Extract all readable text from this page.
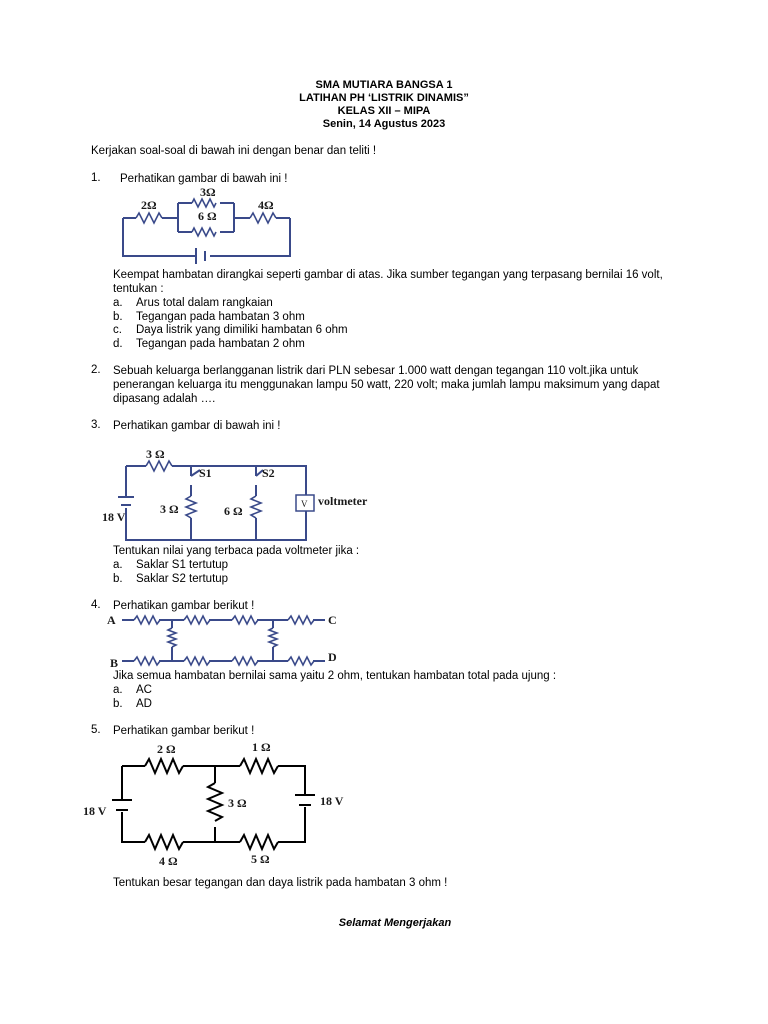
SMA MUTIARA BANGSA 1
LATIHAN PH ‘LISTRIK DINAMIS”
KELAS XII – MIPA
Senin, 14 Agustus 2023
Kerjakan soal-soal di bawah ini dengan benar dan teliti !
1. Perhatikan gambar di bawah ini !
2Ω
3Ω
6 Ω
4Ω
Keempat hambatan dirangkai seperti gambar di atas. Jika sumber tegangan yang terpasang bernilai 16 volt,
tentukan :
a. Arus total dalam rangkaian
b. Tegangan pada hambatan 3 ohm
c. Daya listrik yang dimiliki hambatan 6 ohm
d. Tegangan pada hambatan 2 ohm
2. Sebuah keluarga berlangganan listrik dari PLN sebesar 1.000 watt dengan tegangan 110 volt.jika untuk
penerangan keluarga itu menggunakan lampu 50 watt, 220 volt; maka jumlah lampu maksimum yang dapat
dipasang adalah ….
3. Perhatikan gambar di bawah ini !
V
3 Ω
S1	S2
3 Ω	6 Ω
18 V
voltmeter
Tentukan nilai yang terbaca pada voltmeter jika :
a. Saklar S1 tertutup
b. Saklar S2 tertutup
4. Perhatikan gambar berikut !
A
B
C
D
Jika semua hambatan bernilai sama yaitu 2 ohm, tentukan hambatan total pada ujung :
a. AC
b. AD
5. Perhatikan gambar berikut !
2 Ω	1 Ω
3 Ω
4 Ω	5 Ω
18 V
18 V
Tentukan besar tegangan dan daya listrik pada hambatan 3 ohm !
Selamat Mengerjakan
